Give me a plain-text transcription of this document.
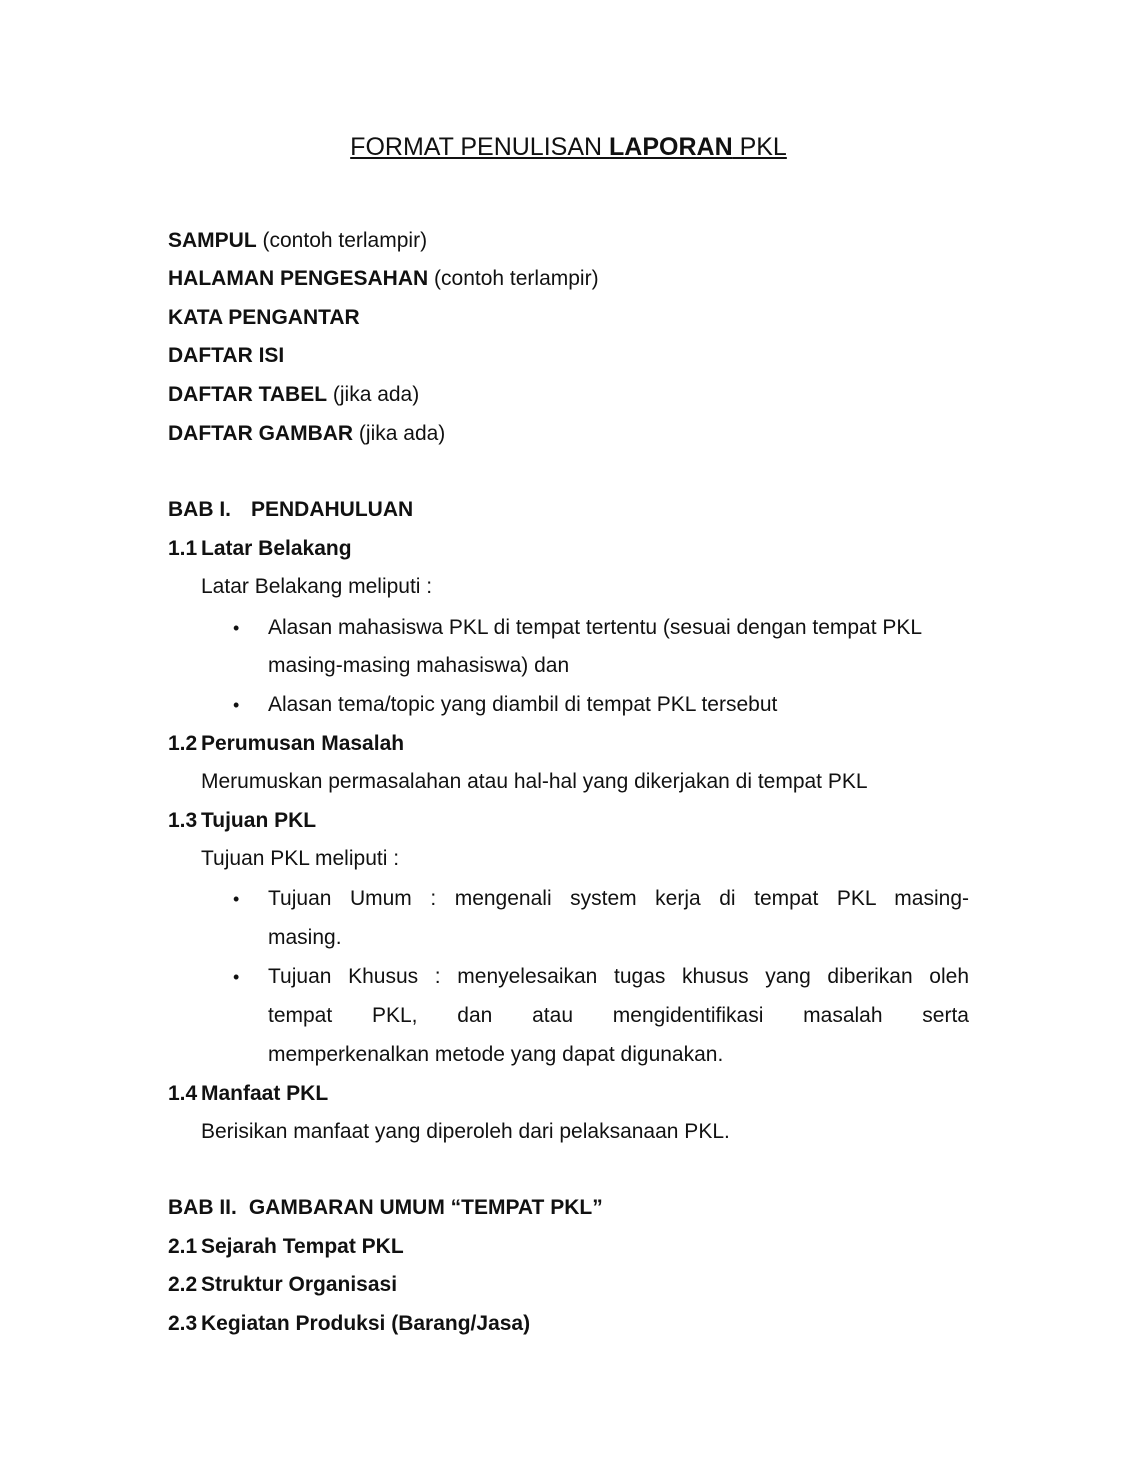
FORMAT PENULISAN LAPORAN PKL
SAMPUL (contoh terlampir)
HALAMAN PENGESAHAN (contoh terlampir)
KATA PENGANTAR
DAFTAR ISI
DAFTAR TABEL (jika ada)
DAFTAR GAMBAR (jika ada)
BAB I. PENDAHULUAN
1.1 Latar Belakang
Latar Belakang meliputi :
• Alasan mahasiswa PKL di tempat tertentu (sesuai dengan tempat PKL
masing-masing mahasiswa) dan
• Alasan tema/topic yang diambil di tempat PKL tersebut
1.2 Perumusan Masalah
Merumuskan permasalahan atau hal-hal yang dikerjakan di tempat PKL
1.3 Tujuan PKL
Tujuan PKL meliputi :
• Tujuan Umum : mengenali system kerja di tempat PKL masing-
masing.
• Tujuan Khusus : menyelesaikan tugas khusus yang diberikan oleh
tempat PKL, dan atau mengidentifikasi masalah serta
memperkenalkan metode yang dapat digunakan.
1.4 Manfaat PKL
Berisikan manfaat yang diperoleh dari pelaksanaan PKL.
BAB II. GAMBARAN UMUM “TEMPAT PKL”
2.1 Sejarah Tempat PKL
2.2 Struktur Organisasi
2.3 Kegiatan Produksi (Barang/Jasa)
